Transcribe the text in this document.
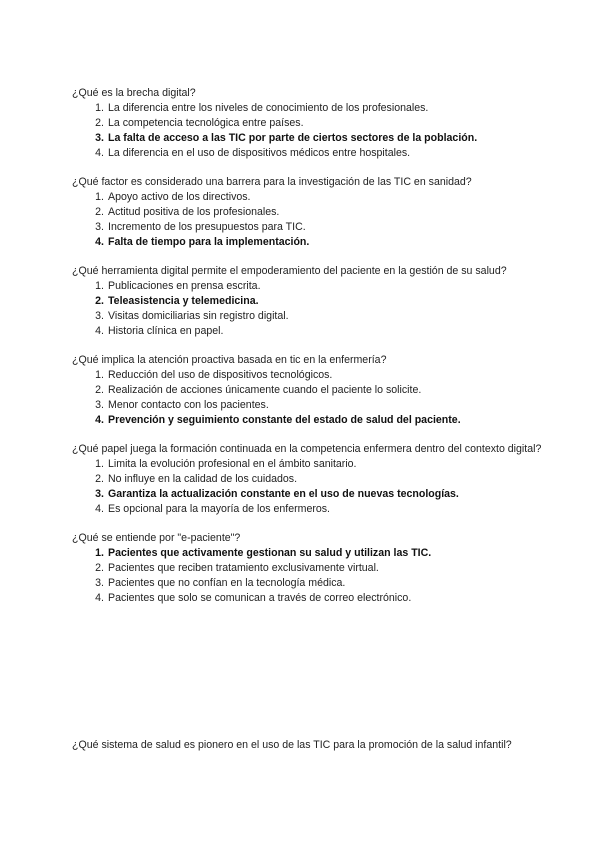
¿Qué es la brecha digital?

1. La diferencia entre los niveles de conocimiento de los profesionales.
2. La competencia tecnológica entre países.
3. La falta de acceso a las TIC por parte de ciertos sectores de la población.
4. La diferencia en el uso de dispositivos médicos entre hospitales.

¿Qué factor es considerado una barrera para la investigación de las TIC en sanidad?

1. Apoyo activo de los directivos.
2. Actitud positiva de los profesionales.
3. Incremento de los presupuestos para TIC.
4. Falta de tiempo para la implementación.

¿Qué herramienta digital permite el empoderamiento del paciente en la gestión de su salud?

1. Publicaciones en prensa escrita.
2. Teleasistencia y telemedicina.
3. Visitas domiciliarias sin registro digital.
4. Historia clínica en papel.

¿Qué implica la atención proactiva basada en tic en la enfermería?

1. Reducción del uso de dispositivos tecnológicos.
2. Realización de acciones únicamente cuando el paciente lo solicite.
3. Menor contacto con los pacientes.
4. Prevención y seguimiento constante del estado de salud del paciente.

¿Qué papel juega la formación continuada en la competencia enfermera dentro del contexto digital?

1. Limita la evolución profesional en el ámbito sanitario.
2. No influye en la calidad de los cuidados.
3. Garantiza la actualización constante en el uso de nuevas tecnologías.
4. Es opcional para la mayoría de los enfermeros.

¿Qué se entiende por "e-paciente"?

1. Pacientes que activamente gestionan su salud y utilizan las TIC.
2. Pacientes que reciben tratamiento exclusivamente virtual.
3. Pacientes que no confían en la tecnología médica.
4. Pacientes que solo se comunican a través de correo electrónico.

¿Qué sistema de salud es pionero en el uso de las TIC para la promoción de la salud infantil?
